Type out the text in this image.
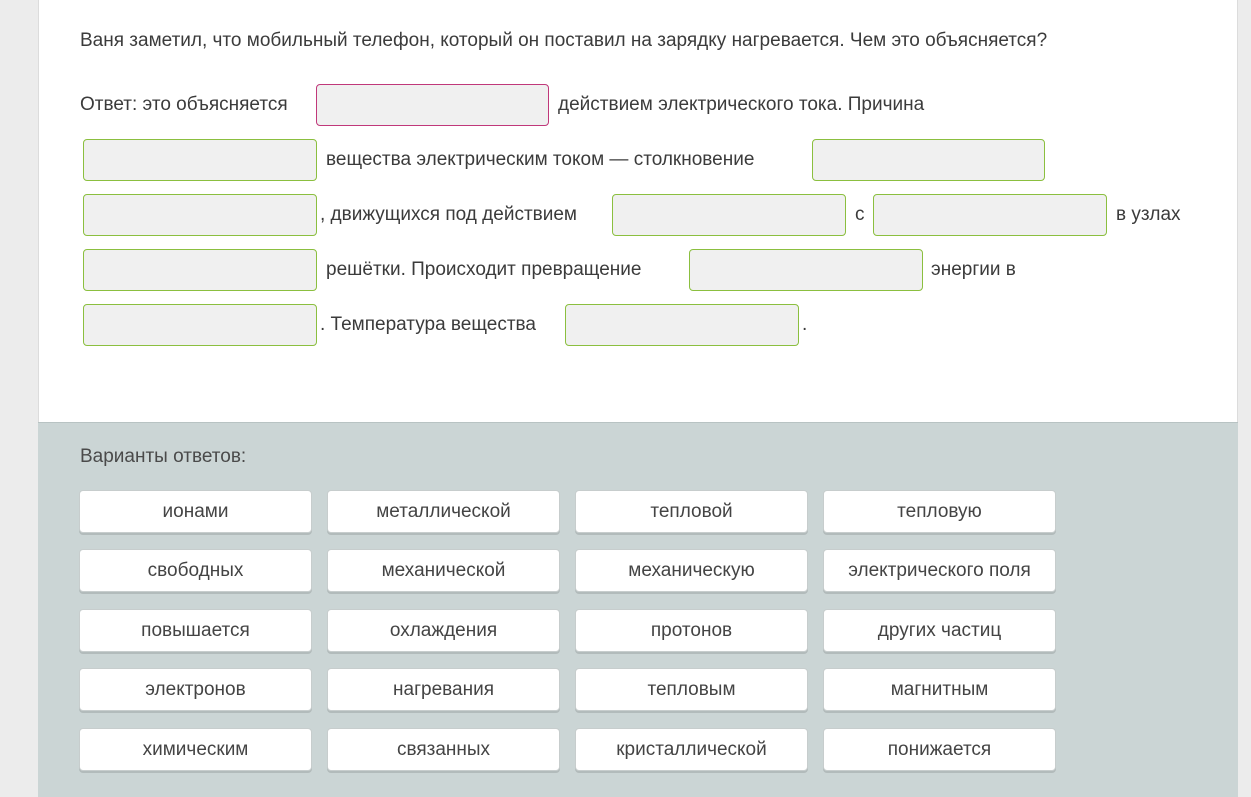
Ваня заметил, что мобильный телефон, который он поставил на зарядку нагревается. Чем это объясняется?
Ответ: это объясняется	действием электрического тока. Причина
вещества электрическим током — столкновение
, движущихся под действием	с	в узлах
решётки. Происходит превращение	энергии в
. Температура вещества	.
Варианты ответов:
ионами	металлической	тепловой	тепловую
свободных	механической	механическую	электрического поля
повышается	охлаждения	протонов	других частиц
электронов	нагревания	тепловым	магнитным
химическим	связанных	кристаллической	понижается
